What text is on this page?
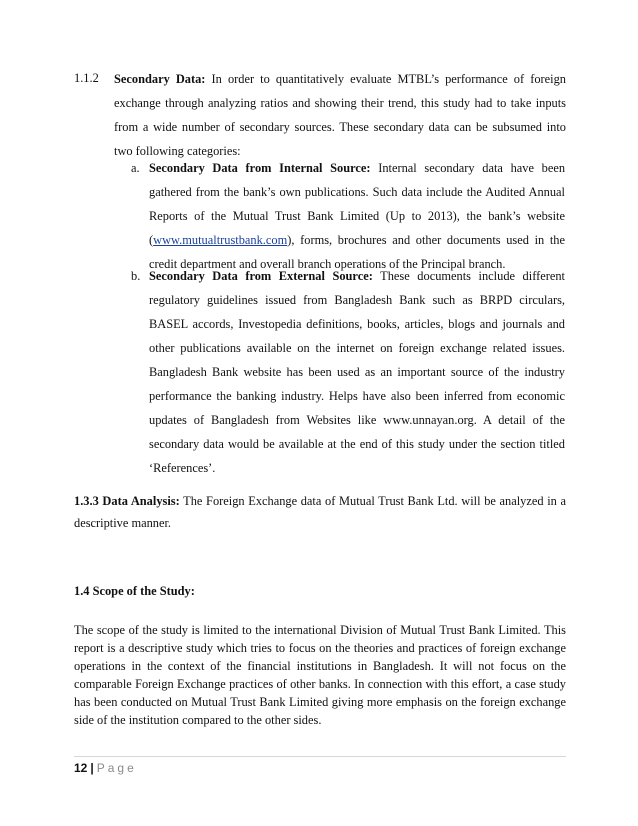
1.1.2 Secondary Data: In order to quantitatively evaluate MTBL’s performance of foreign exchange through analyzing ratios and showing their trend, this study had to take inputs from a wide number of secondary sources. These secondary data can be subsumed into two following categories:
a. Secondary Data from Internal Source: Internal secondary data have been gathered from the bank’s own publications. Such data include the Audited Annual Reports of the Mutual Trust Bank Limited (Up to 2013), the bank’s website (www.mutualtrustbank.com), forms, brochures and other documents used in the credit department and overall branch operations of the Principal branch.
b. Secondary Data from External Source: These documents include different regulatory guidelines issued from Bangladesh Bank such as BRPD circulars, BASEL accords, Investopedia definitions, books, articles, blogs and journals and other publications available on the internet on foreign exchange related issues. Bangladesh Bank website has been used as an important source of the industry performance the banking industry. Helps have also been inferred from economic updates of Bangladesh from Websites like www.unnayan.org. A detail of the secondary data would be available at the end of this study under the section titled ‘References’.
1.3.3 Data Analysis: The Foreign Exchange data of Mutual Trust Bank Ltd. will be analyzed in a descriptive manner.
1.4 Scope of the Study:
The scope of the study is limited to the international Division of Mutual Trust Bank Limited. This report is a descriptive study which tries to focus on the theories and practices of foreign exchange operations in the context of the financial institutions in Bangladesh. It will not focus on the comparable Foreign Exchange practices of other banks. In connection with this effort, a case study has been conducted on Mutual Trust Bank Limited giving more emphasis on the foreign exchange side of the institution compared to the other sides.
12 | Page
